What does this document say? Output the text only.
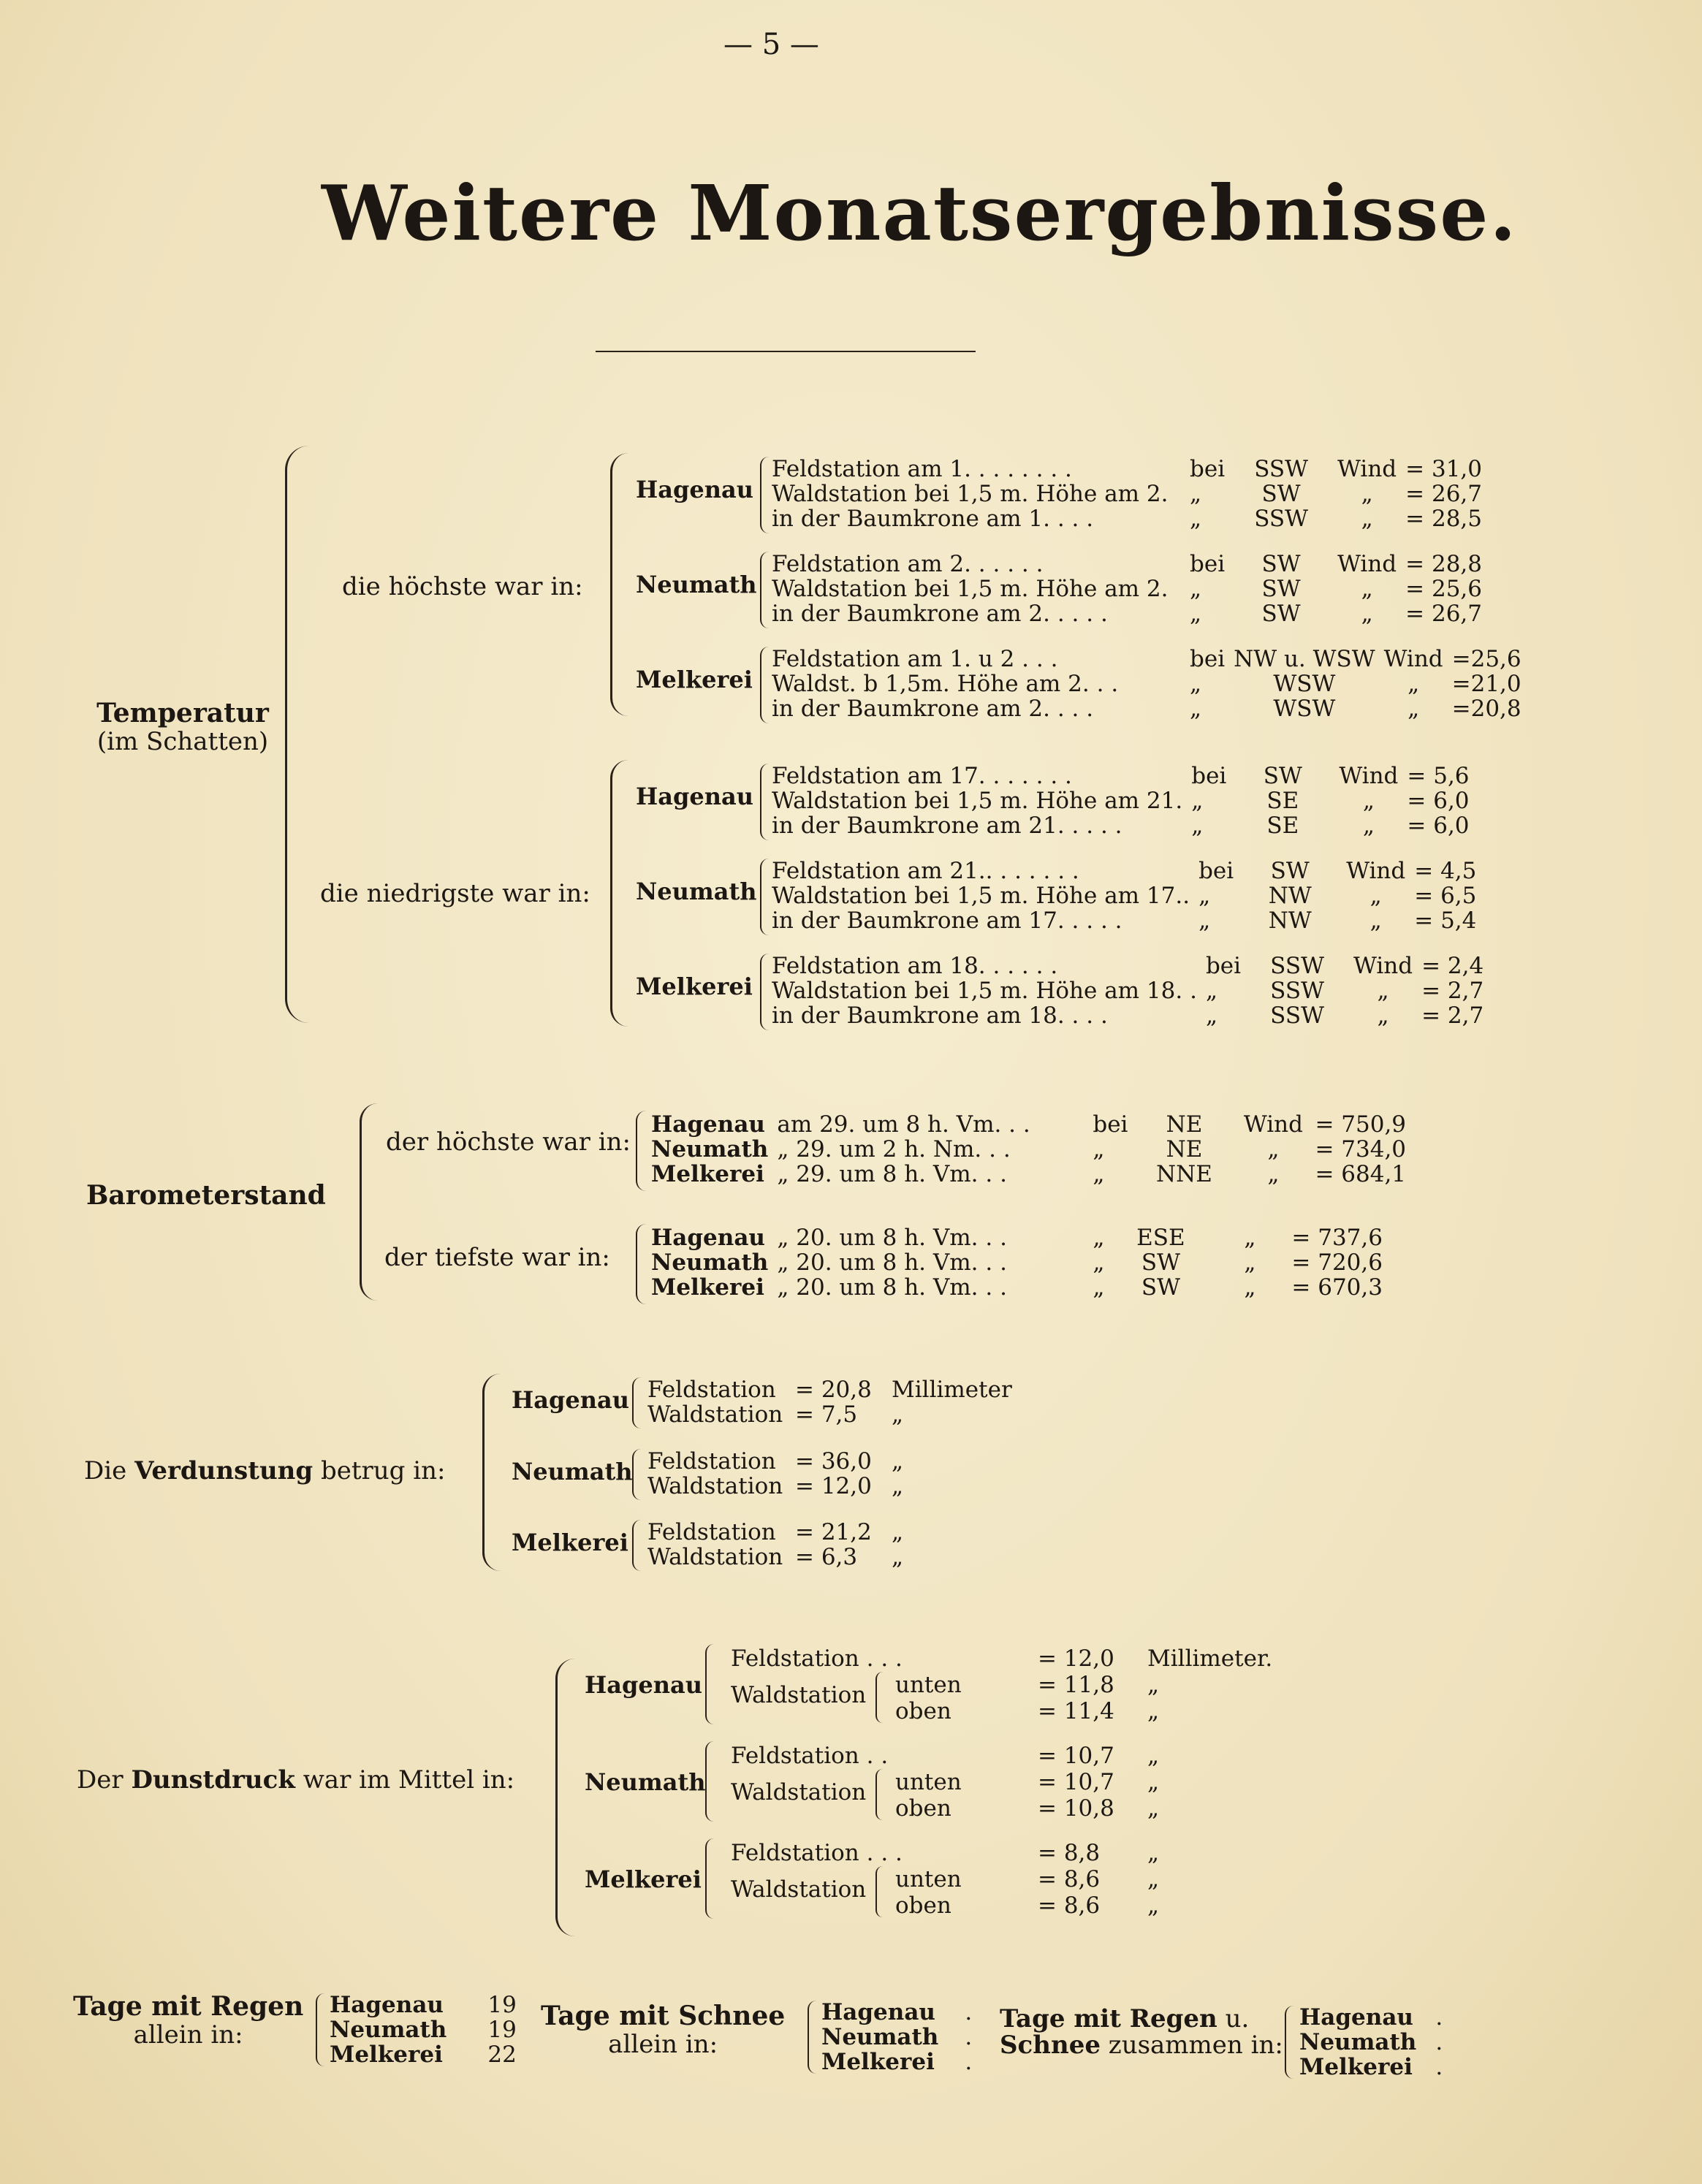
— 5 —
Weitere Monatsergebnisse.
Temperatur
(im Schatten)
die höchste war in:
die niedrigste war in:
Hagenau
Feldstation am 1. . . . . . . .	bei	SSW	Wind	= 31,0
Waldstation bei 1,5 m. Höhe am 2.	„	SW	„	= 26,7
in der Baumkrone am 1. . . .	„	SSW	„	= 28,5
Neumath
Feldstation am 2. . . . . .	bei	SW	Wind	= 28,8
Waldstation bei 1,5 m. Höhe am 2.	„	SW	„	= 25,6
in der Baumkrone am 2. . . . .	„	SW	„	= 26,7
Melkerei
Feldstation am 1. u 2 . . .	bei	NW u. WSW	Wind	=25,6
Waldst. b 1,5m. Höhe am 2. . .	„	WSW	„	=21,0
in der Baumkrone am 2. . . .	„	WSW	„	=20,8
Hagenau
Feldstation am 17. . . . . . .	bei	SW	Wind	= 5,6
Waldstation bei 1,5 m. Höhe am 21.	„	SE	„	= 6,0
in der Baumkrone am 21. . . . .	„	SE	„	= 6,0
Neumath
Feldstation am 21.. . . . . . .	bei	SW	Wind	= 4,5
Waldstation bei 1,5 m. Höhe am 17..	„	NW	„	= 6,5
in der Baumkrone am 17. . . . .	„	NW	„	= 5,4
Melkerei
Feldstation am 18. . . . . .	bei	SSW	Wind	= 2,4
Waldstation bei 1,5 m. Höhe am 18. .	„	SSW	„	= 2,7
in der Baumkrone am 18. . . .	„	SSW	„	= 2,7
Barometerstand
der höchste war in:
der tiefste war in:
Hagenau	am 29. um 8 h. Vm. . .	bei	NE	Wind	= 750,9
Neumath	„ 29. um 2 h. Nm. . .	„	NE	„	= 734,0
Melkerei	„ 29. um 8 h. Vm. . .	„	NNE	„	= 684,1
Hagenau	„ 20. um 8 h. Vm. . .	„	ESE	„	= 737,6
Neumath	„ 20. um 8 h. Vm. . .	„	SW	„	= 720,6
Melkerei	„ 20. um 8 h. Vm. . .	„	SW	„	= 670,3
Die Verdunstung betrug in:
Hagenau Feldstation	= 20,8	Millimeter
Waldstation	= 7,5	„
Neumath Feldstation	= 36,0	„
Waldstation	= 12,0	„
Melkerei Feldstation	= 21,2	„
Waldstation	= 6,3	„
Der Dunstdruck war im Mittel in:
Hagenau
Feldstation . . .	= 12,0 Millimeter.
Waldstation unten	= 11,8 „
oben	= 11,4 „
Neumath
Feldstation . .	= 10,7 „
Waldstation unten	= 10,7 „
oben	= 10,8 „
Melkerei
Feldstation . . .	= 8,8 „
Waldstation unten	= 8,6 „
oben	= 8,6 „
Tage mit Regen
allein in:
Hagenau	19
Neumath	19
Melkerei	22
Tage mit Schnee
allein in:
Hagenau	.
Neumath	.
Melkerei	.
Tage mit Regen u.
Schnee zusammen in:
Hagenau	.
Neumath	.
Melkerei	.
